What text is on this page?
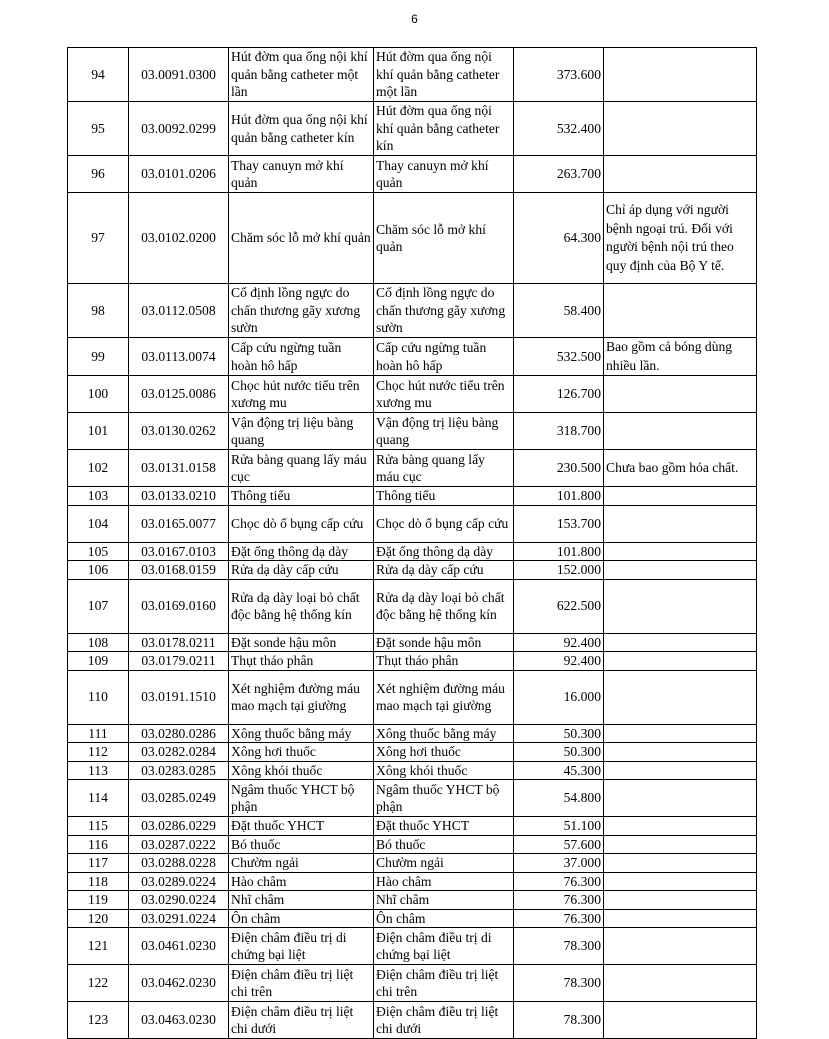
6
94	03.0091.0300	Hút đờm qua ống nội khí quản bằng catheter một lần	Hút đờm qua ống nội khí quản bằng catheter một lần	373.600	
95	03.0092.0299	Hút đờm qua ống nội khí quản bằng catheter kín	Hút đờm qua ống nội khí quản bằng catheter kín	532.400	
96	03.0101.0206	Thay canuyn mở khí quản	Thay canuyn mở khí quản	263.700	
97	03.0102.0200	Chăm sóc lỗ mở khí quản	Chăm sóc lỗ mở khí quản	64.300	Chỉ áp dụng với người bệnh ngoại trú. Đối với người bệnh nội trú theo quy định của Bộ Y tế.
98	03.0112.0508	Cố định lồng ngực do chấn thương gãy xương sườn	Cố định lồng ngực do chấn thương gãy xương sườn	58.400	
99	03.0113.0074	Cấp cứu ngừng tuần hoàn hô hấp	Cấp cứu ngừng tuần hoàn hô hấp	532.500	Bao gồm cả bóng dùng nhiều lần.
100	03.0125.0086	Chọc hút nước tiểu trên xương mu	Chọc hút nước tiểu trên xương mu	126.700	
101	03.0130.0262	Vận động trị liệu bàng quang	Vận động trị liệu bàng quang	318.700	
102	03.0131.0158	Rửa bàng quang lấy máu cục	Rửa bàng quang lấy máu cục	230.500	Chưa bao gồm hóa chất.
103	03.0133.0210	Thông tiểu	Thông tiểu	101.800	
104	03.0165.0077	Chọc dò ổ bụng cấp cứu	Chọc dò ổ bụng cấp cứu	153.700	
105	03.0167.0103	Đặt ống thông dạ dày	Đặt ống thông dạ dày	101.800	
106	03.0168.0159	Rửa dạ dày cấp cứu	Rửa dạ dày cấp cứu	152.000	
107	03.0169.0160	Rửa dạ dày loại bỏ chất độc bằng hệ thống kín	Rửa dạ dày loại bỏ chất độc bằng hệ thống kín	622.500	
108	03.0178.0211	Đặt sonde hậu môn	Đặt sonde hậu môn	92.400	
109	03.0179.0211	Thụt tháo phân	Thụt tháo phân	92.400	
110	03.0191.1510	Xét nghiệm đường máu mao mạch tại giường	Xét nghiệm đường máu mao mạch tại giường	16.000	
111	03.0280.0286	Xông thuốc bằng máy	Xông thuốc bằng máy	50.300	
112	03.0282.0284	Xông hơi thuốc	Xông hơi thuốc	50.300	
113	03.0283.0285	Xông khói thuốc	Xông khói thuốc	45.300	
114	03.0285.0249	Ngâm thuốc YHCT bộ phận	Ngâm thuốc YHCT bộ phận	54.800	
115	03.0286.0229	Đặt thuốc YHCT	Đặt thuốc YHCT	51.100	
116	03.0287.0222	Bó thuốc	Bó thuốc	57.600	
117	03.0288.0228	Chườm ngải	Chườm ngải	37.000	
118	03.0289.0224	Hào châm	Hào châm	76.300	
119	03.0290.0224	Nhĩ châm	Nhĩ châm	76.300	
120	03.0291.0224	Ôn châm	Ôn châm	76.300	
121	03.0461.0230	Điện châm điều trị di chứng bại liệt	Điện châm điều trị di chứng bại liệt	78.300	
122	03.0462.0230	Điện châm điều trị liệt chi trên	Điện châm điều trị liệt chi trên	78.300	
123	03.0463.0230	Điện châm điều trị liệt chi dưới	Điện châm điều trị liệt chi dưới	78.300	
